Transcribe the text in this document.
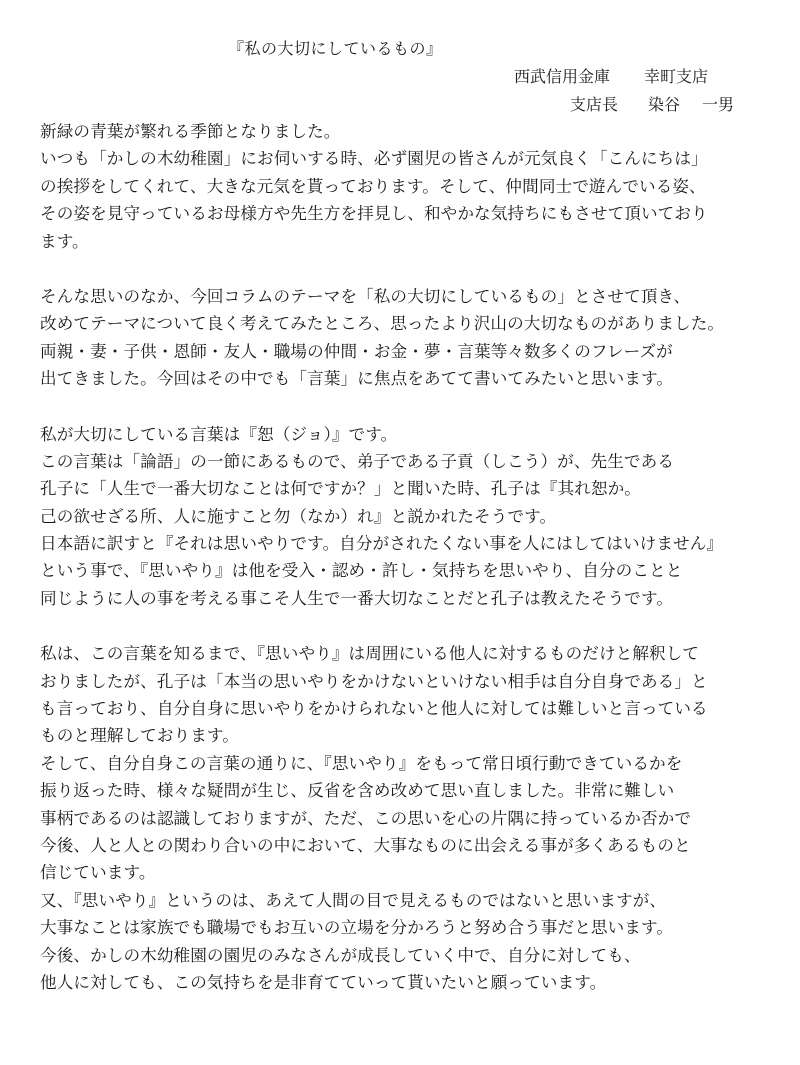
『私の大切にしているもの』
西武信用金庫 幸町支店
支店長 染谷 一男
新緑の青葉が繁れる季節となりました。
いつも「かしの木幼稚園」にお伺いする時、必ず園児の皆さんが元気良く「こんにちは」
の挨拶をしてくれて、大きな元気を貰っております。そして、仲間同士で遊んでいる姿、
その姿を見守っているお母様方や先生方を拝見し、和やかな気持ちにもさせて頂いており
ます。
そんな思いのなか、今回コラムのテーマを「私の大切にしているもの」とさせて頂き、
改めてテーマについて良く考えてみたところ、思ったより沢山の大切なものがありました。
両親・妻・子供・恩師・友人・職場の仲間・お金・夢・言葉等々数多くのフレーズが
出てきました。今回はその中でも「言葉」に焦点をあてて書いてみたいと思います。
私が大切にしている言葉は『恕（ジョ）』です。
この言葉は「論語」の一節にあるもので、弟子である子貢（しこう）が、先生である
孔子に「人生で一番大切なことは何ですか？」と聞いた時、孔子は『其れ恕か。
己の欲せざる所、人に施すこと勿（なか）れ』と説かれたそうです。
日本語に訳すと『それは思いやりです。自分がされたくない事を人にはしてはいけません』
という事で、『思いやり』は他を受入・認め・許し・気持ちを思いやり、自分のことと
同じように人の事を考える事こそ人生で一番大切なことだと孔子は教えたそうです。
私は、この言葉を知るまで、『思いやり』は周囲にいる他人に対するものだけと解釈して
おりましたが、孔子は「本当の思いやりをかけないといけない相手は自分自身である」と
も言っており、自分自身に思いやりをかけられないと他人に対しては難しいと言っている
ものと理解しております。
そして、自分自身この言葉の通りに、『思いやり』をもって常日頃行動できているかを
振り返った時、様々な疑問が生じ、反省を含め改めて思い直しました。非常に難しい
事柄であるのは認識しておりますが、ただ、この思いを心の片隅に持っているか否かで
今後、人と人との関わり合いの中において、大事なものに出会える事が多くあるものと
信じています。
又、『思いやり』というのは、あえて人間の目で見えるものではないと思いますが、
大事なことは家族でも職場でもお互いの立場を分かろうと努め合う事だと思います。
今後、かしの木幼稚園の園児のみなさんが成長していく中で、自分に対しても、
他人に対しても、この気持ちを是非育てていって貰いたいと願っています。
